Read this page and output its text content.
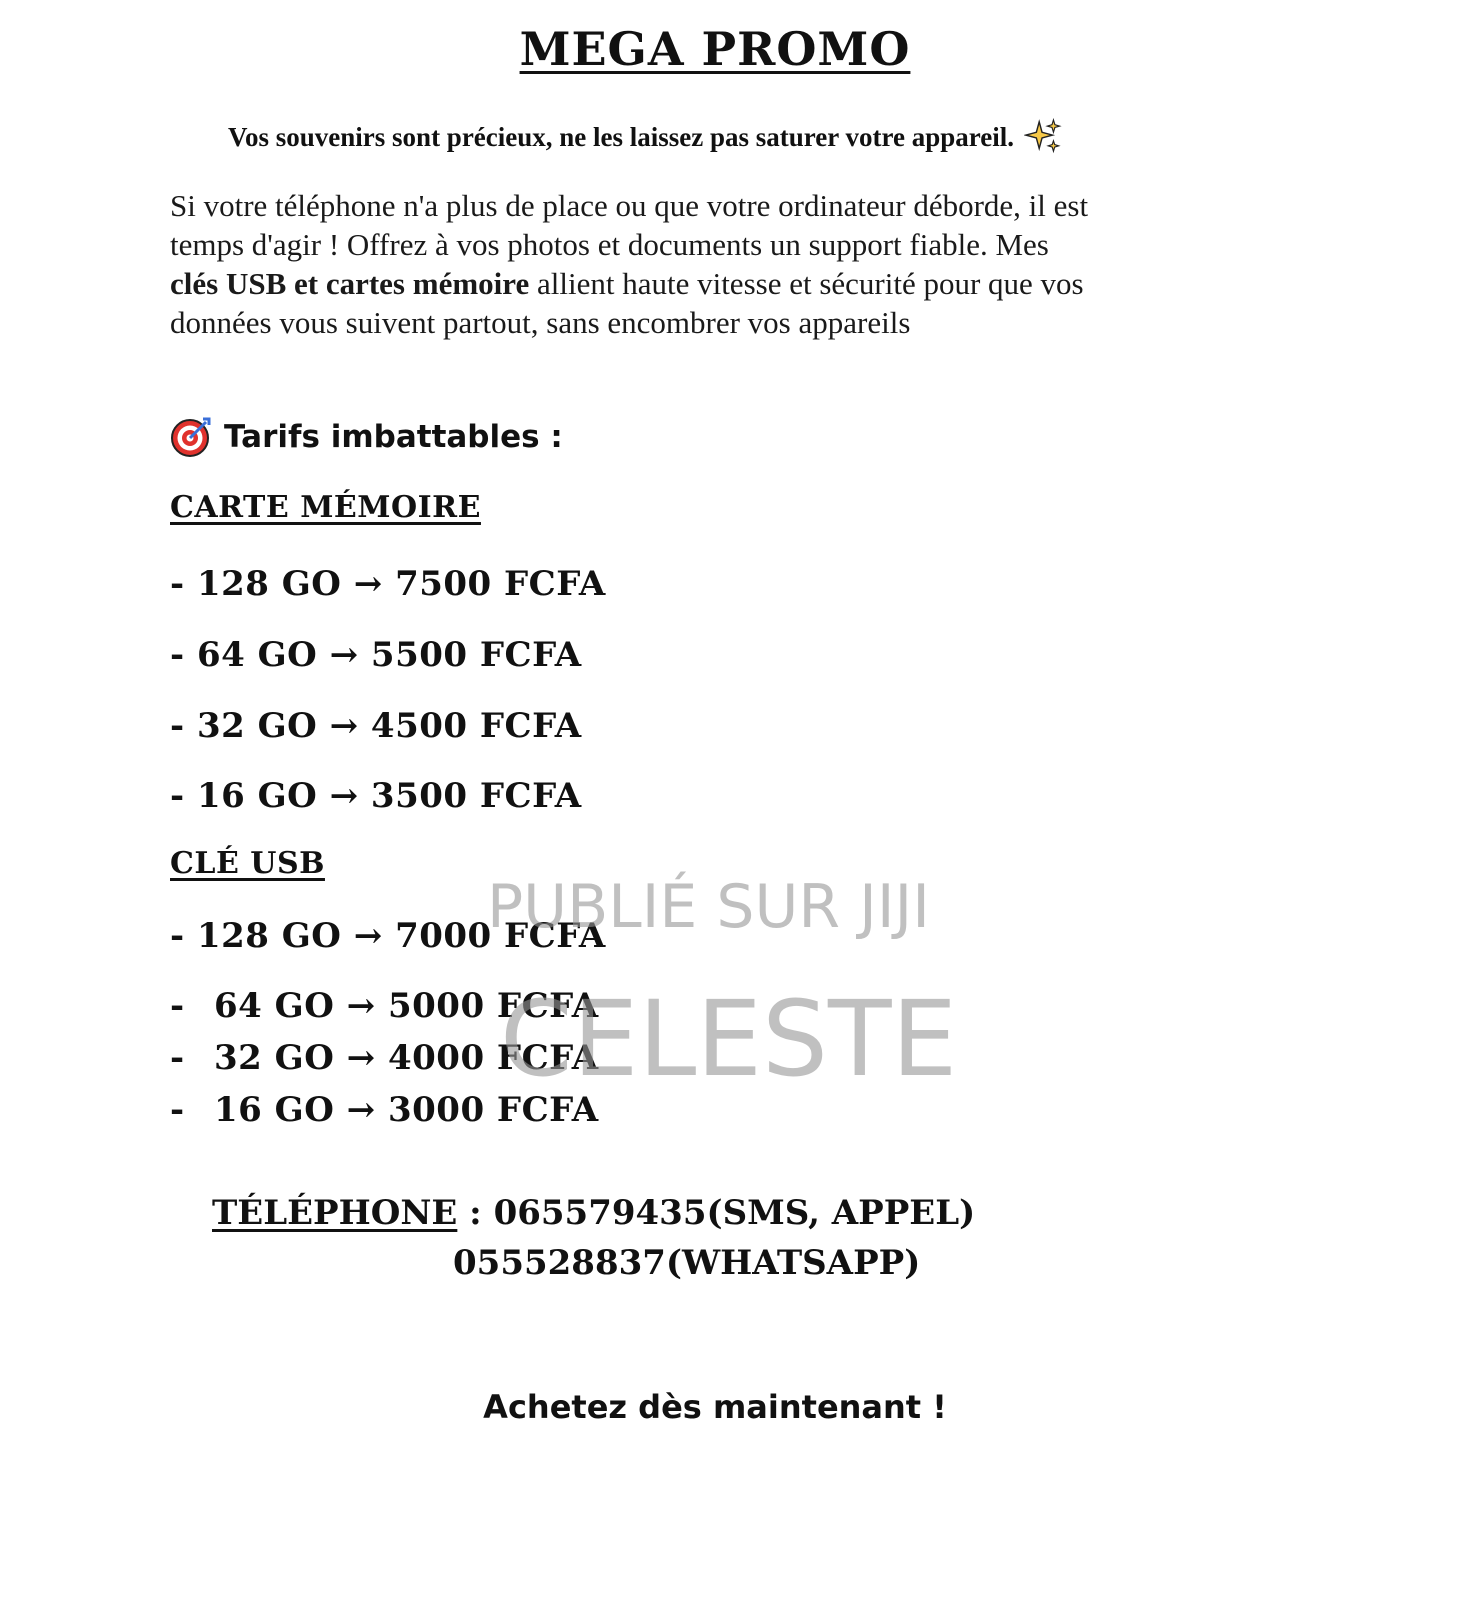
MEGA PROMO
Vos souvenirs sont précieux, ne les laissez pas saturer votre appareil.
Si votre téléphone n'a plus de place ou que votre ordinateur déborde, il est temps d'agir ! Offrez à vos photos et documents un support fiable. Mes clés USB et cartes mémoire allient haute vitesse et sécurité pour que vos données vous suivent partout, sans encombrer vos appareils
Tarifs imbattables :
CARTE MÉMOIRE
- 128 GO → 7500 FCFA
- 64 GO → 5500 FCFA
- 32 GO → 4500 FCFA
- 16 GO → 3500 FCFA
CLÉ USB
- 128 GO → 7000 FCFA
- 64 GO → 5000 FCFA
- 32 GO → 4000 FCFA
- 16 GO → 3000 FCFA
TÉLÉPHONE : 065579435(SMS, APPEL)
055528837(WHATSAPP)
Achetez dès maintenant !
PUBLIÉ SUR JIJI
CELESTE
